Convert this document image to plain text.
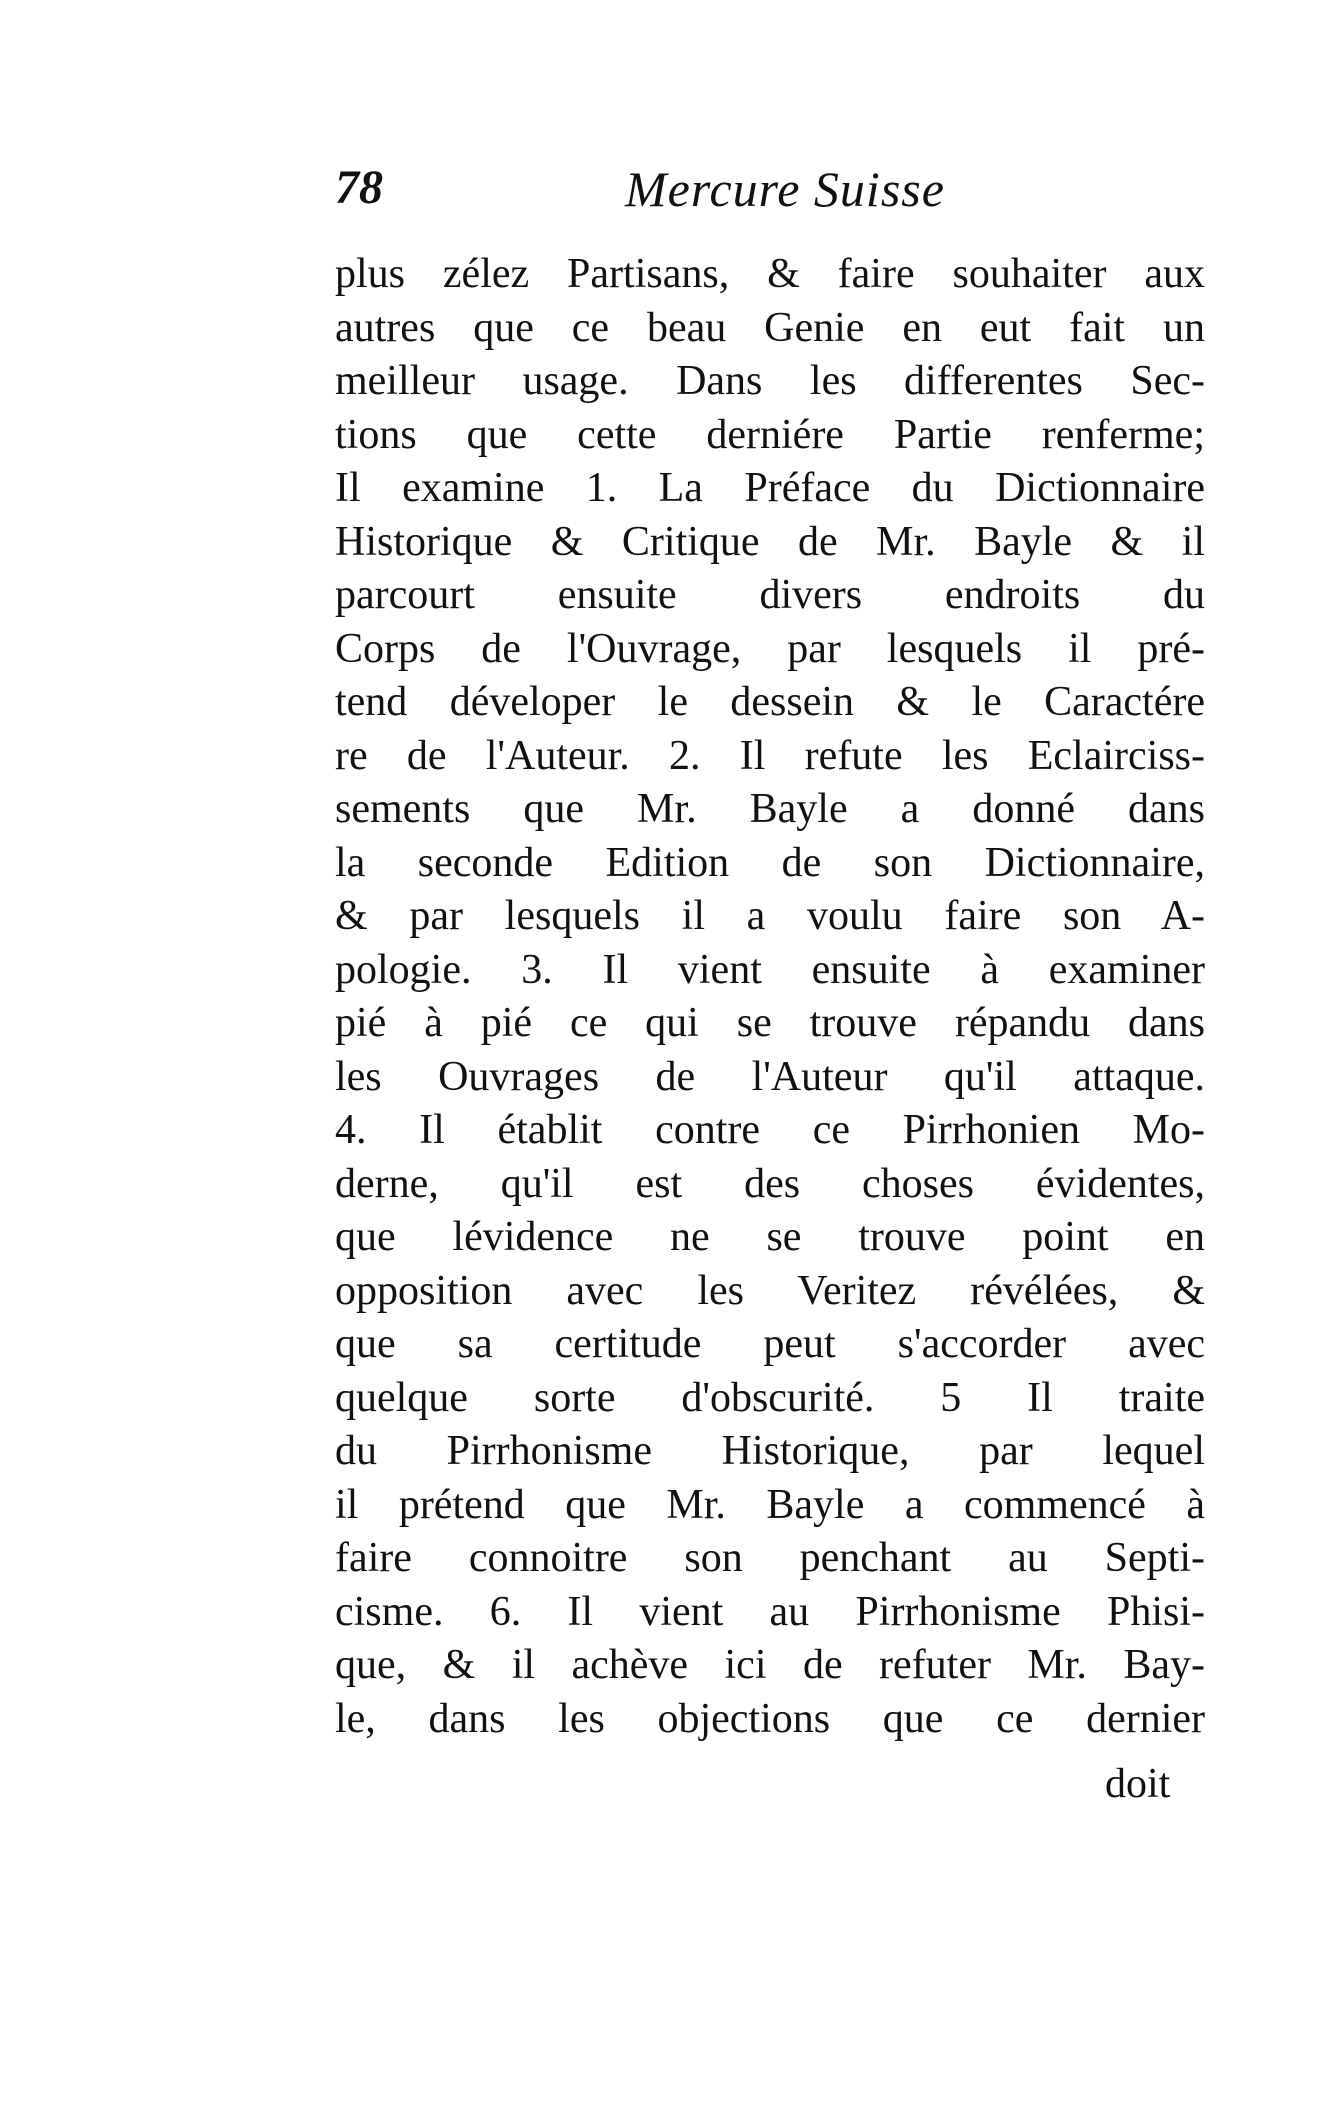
78	Mercure Suisse
plus zélez Partisans, & faire souhaiter aux
autres que ce beau Genie en eut fait un
meilleur usage. Dans les differentes Sec-
tions que cette derniére Partie renferme;
Il examine 1. La Préface du Dictionnaire
Historique & Critique de Mr. Bayle & il
parcourt ensuite divers endroits du
Corps de l'Ouvrage, par lesquels il pré-
tend déveloper le dessein & le Caractére
re de l'Auteur. 2. Il refute les Eclairciss-
sements que Mr. Bayle a donné dans
la seconde Edition de son Dictionnaire,
& par lesquels il a voulu faire son A-
pologie. 3. Il vient ensuite à examiner
pié à pié ce qui se trouve répandu dans
les Ouvrages de l'Auteur qu'il attaque.
4. Il établit contre ce Pirrhonien Mo-
derne, qu'il est des choses évidentes,
que lévidence ne se trouve point en
opposition avec les Veritez révélées, &
que sa certitude peut s'accorder avec
quelque sorte d'obscurité. 5 Il traite
du Pirrhonisme Historique, par lequel
il prétend que Mr. Bayle a commencé à
faire connoitre son penchant au Septi-
cisme. 6. Il vient au Pirrhonisme Phisi-
que, & il achève ici de refuter Mr. Bay-
le, dans les objections que ce dernier
doit
